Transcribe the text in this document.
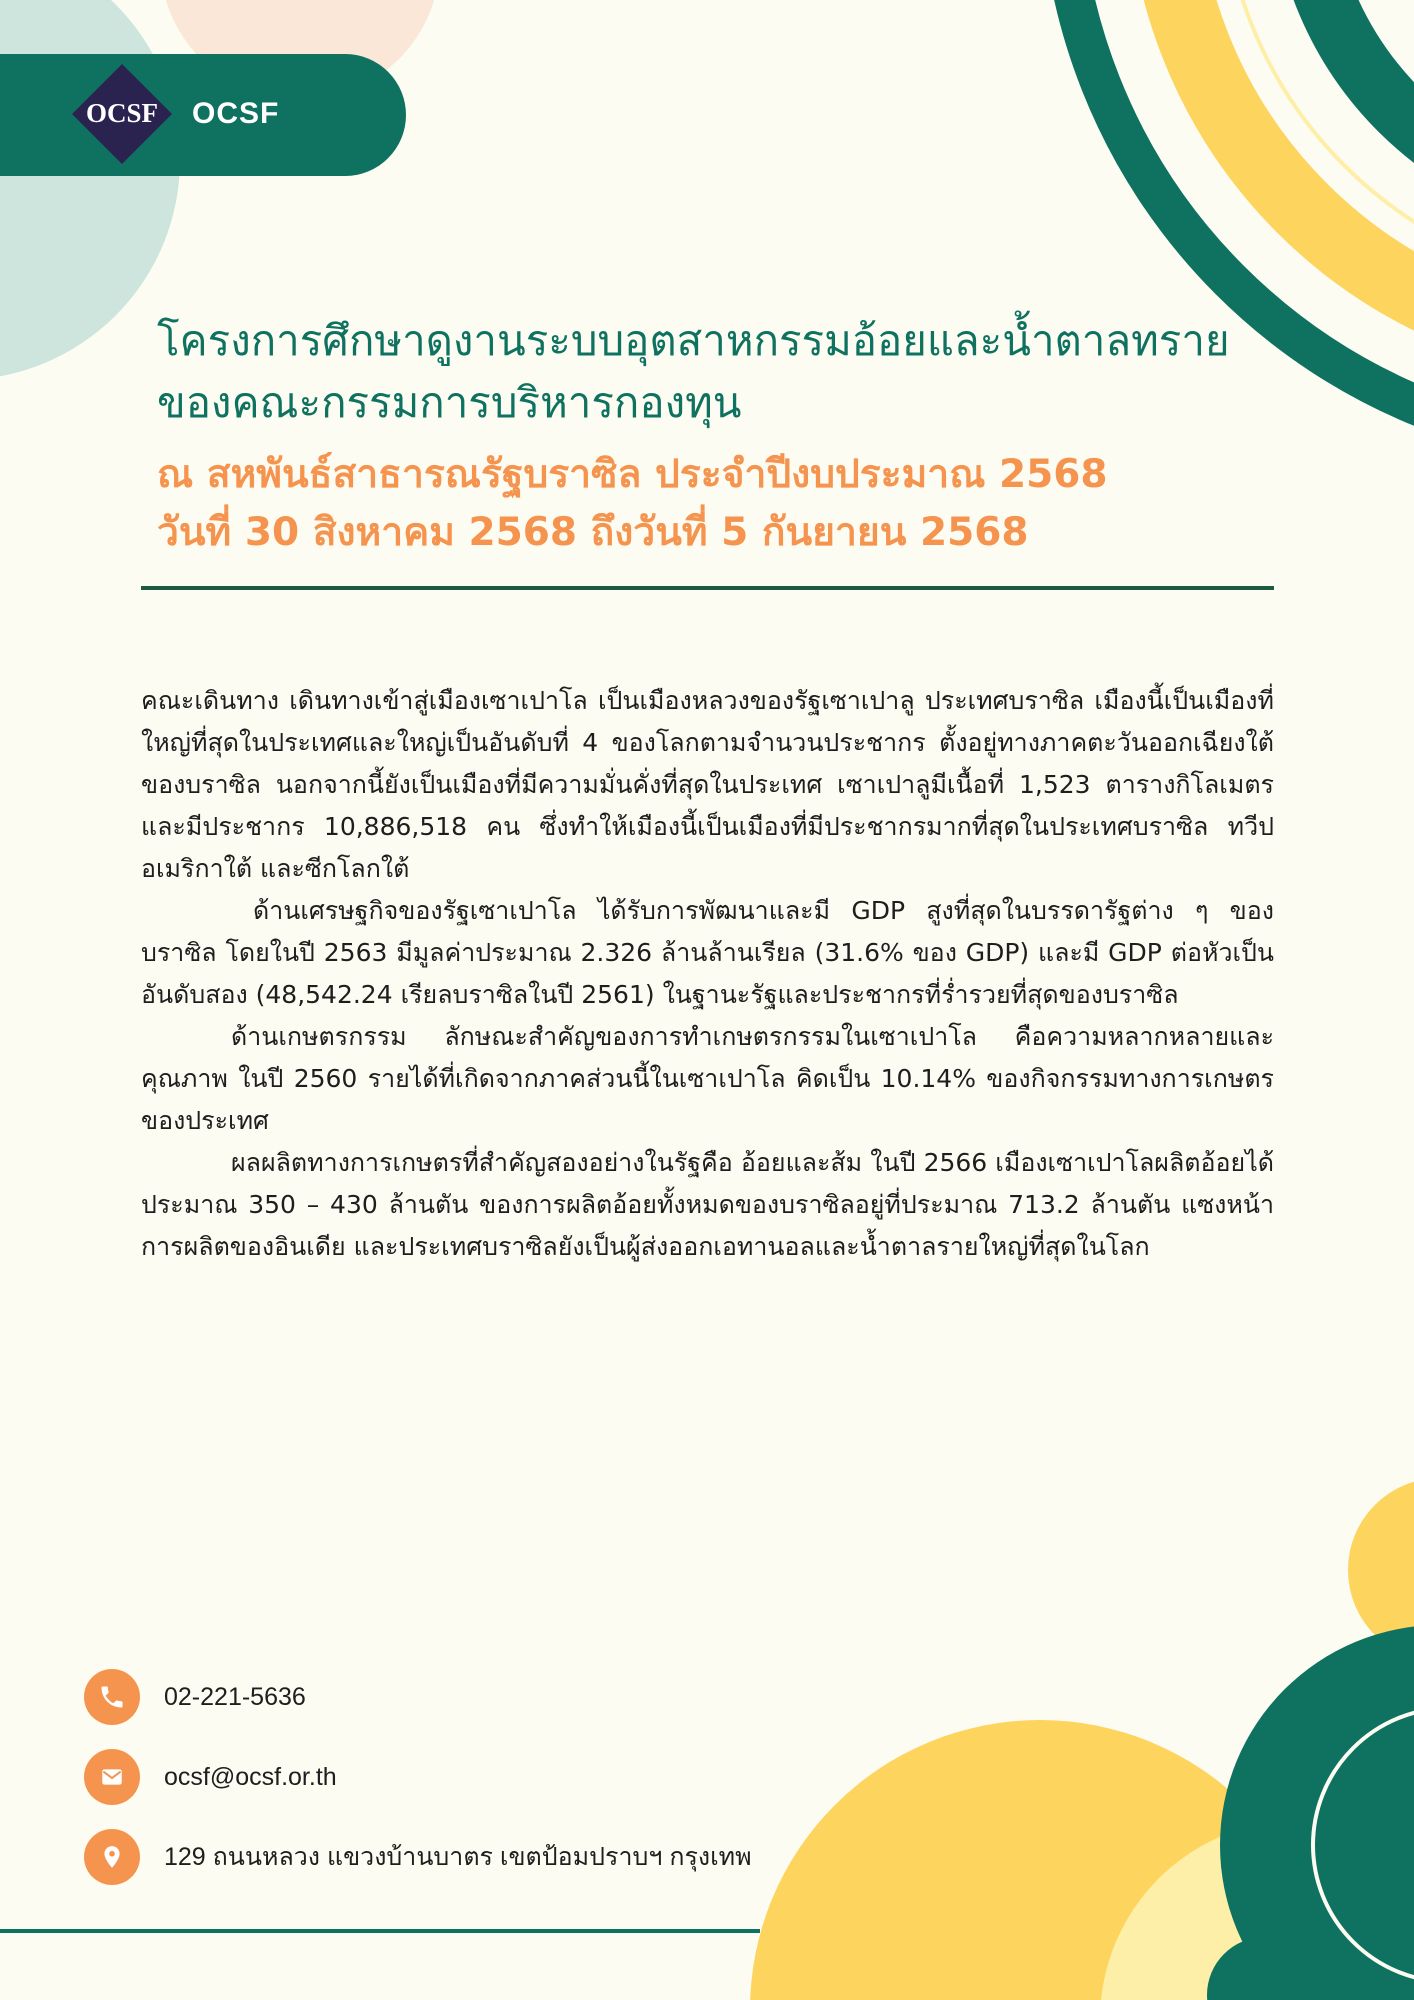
OCSF OCSF
โครงการศึกษาดูงานระบบอุตสาหกรรมอ้อยและน้ำตาลทราย
ของคณะกรรมการบริหารกองทุน
ณ สหพันธ์สาธารณรัฐบราซิล ประจำปีงบประมาณ 2568
วันที่ 30 สิงหาคม 2568 ถึงวันที่ 5 กันยายน 2568

คณะเดินทาง เดินทางเข้าสู่เมืองเซาเปาโล เป็นเมืองหลวงของรัฐเซาเปาลู ประเทศบราซิล เมืองนี้เป็นเมืองที่ใหญ่ที่สุดในประเทศและใหญ่เป็นอันดับที่ 4 ของโลกตามจำนวนประชากร ตั้งอยู่ทางภาคตะวันออกเฉียงใต้ของบราซิล นอกจากนี้ยังเป็นเมืองที่มีความมั่นคั่งที่สุดในประเทศ เซาเปาลูมีเนื้อที่ 1,523 ตารางกิโลเมตร และมีประชากร 10,886,518 คน ซึ่งทำให้เมืองนี้เป็นเมืองที่มีประชากรมากที่สุดในประเทศบราซิล ทวีปอเมริกาใต้ และซีกโลกใต้

ด้านเศรษฐกิจของรัฐเซาเปาโล ได้รับการพัฒนาและมี GDP สูงที่สุดในบรรดารัฐต่าง ๆ ของบราซิล โดยในปี 2563 มีมูลค่าประมาณ 2.326 ล้านล้านเรียล (31.6% ของ GDP) และมี GDP ต่อหัวเป็นอันดับสอง (48,542.24 เรียลบราซิลในปี 2561) ในฐานะรัฐและประชากรที่ร่ำรวยที่สุดของบราซิล

ด้านเกษตรกรรม ลักษณะสำคัญของการทำเกษตรกรรมในเซาเปาโล คือความหลากหลายและคุณภาพ ในปี 2560 รายได้ที่เกิดจากภาคส่วนนี้ในเซาเปาโล คิดเป็น 10.14% ของกิจกรรมทางการเกษตรของประเทศ

ผลผลิตทางการเกษตรที่สำคัญสองอย่างในรัฐคือ อ้อยและส้ม ในปี 2566 เมืองเซาเปาโลผลิตอ้อยได้ประมาณ 350 – 430 ล้านตัน ของการผลิตอ้อยทั้งหมดของบราซิลอยู่ที่ประมาณ 713.2 ล้านตัน แซงหน้าการผลิตของอินเดีย และประเทศบราซิลยังเป็นผู้ส่งออกเอทานอลและน้ำตาลรายใหญ่ที่สุดในโลก

02-221-5636
ocsf@ocsf.or.th
129 ถนนหลวง แขวงบ้านบาตร เขตป้อมปราบฯ กรุงเทพ
